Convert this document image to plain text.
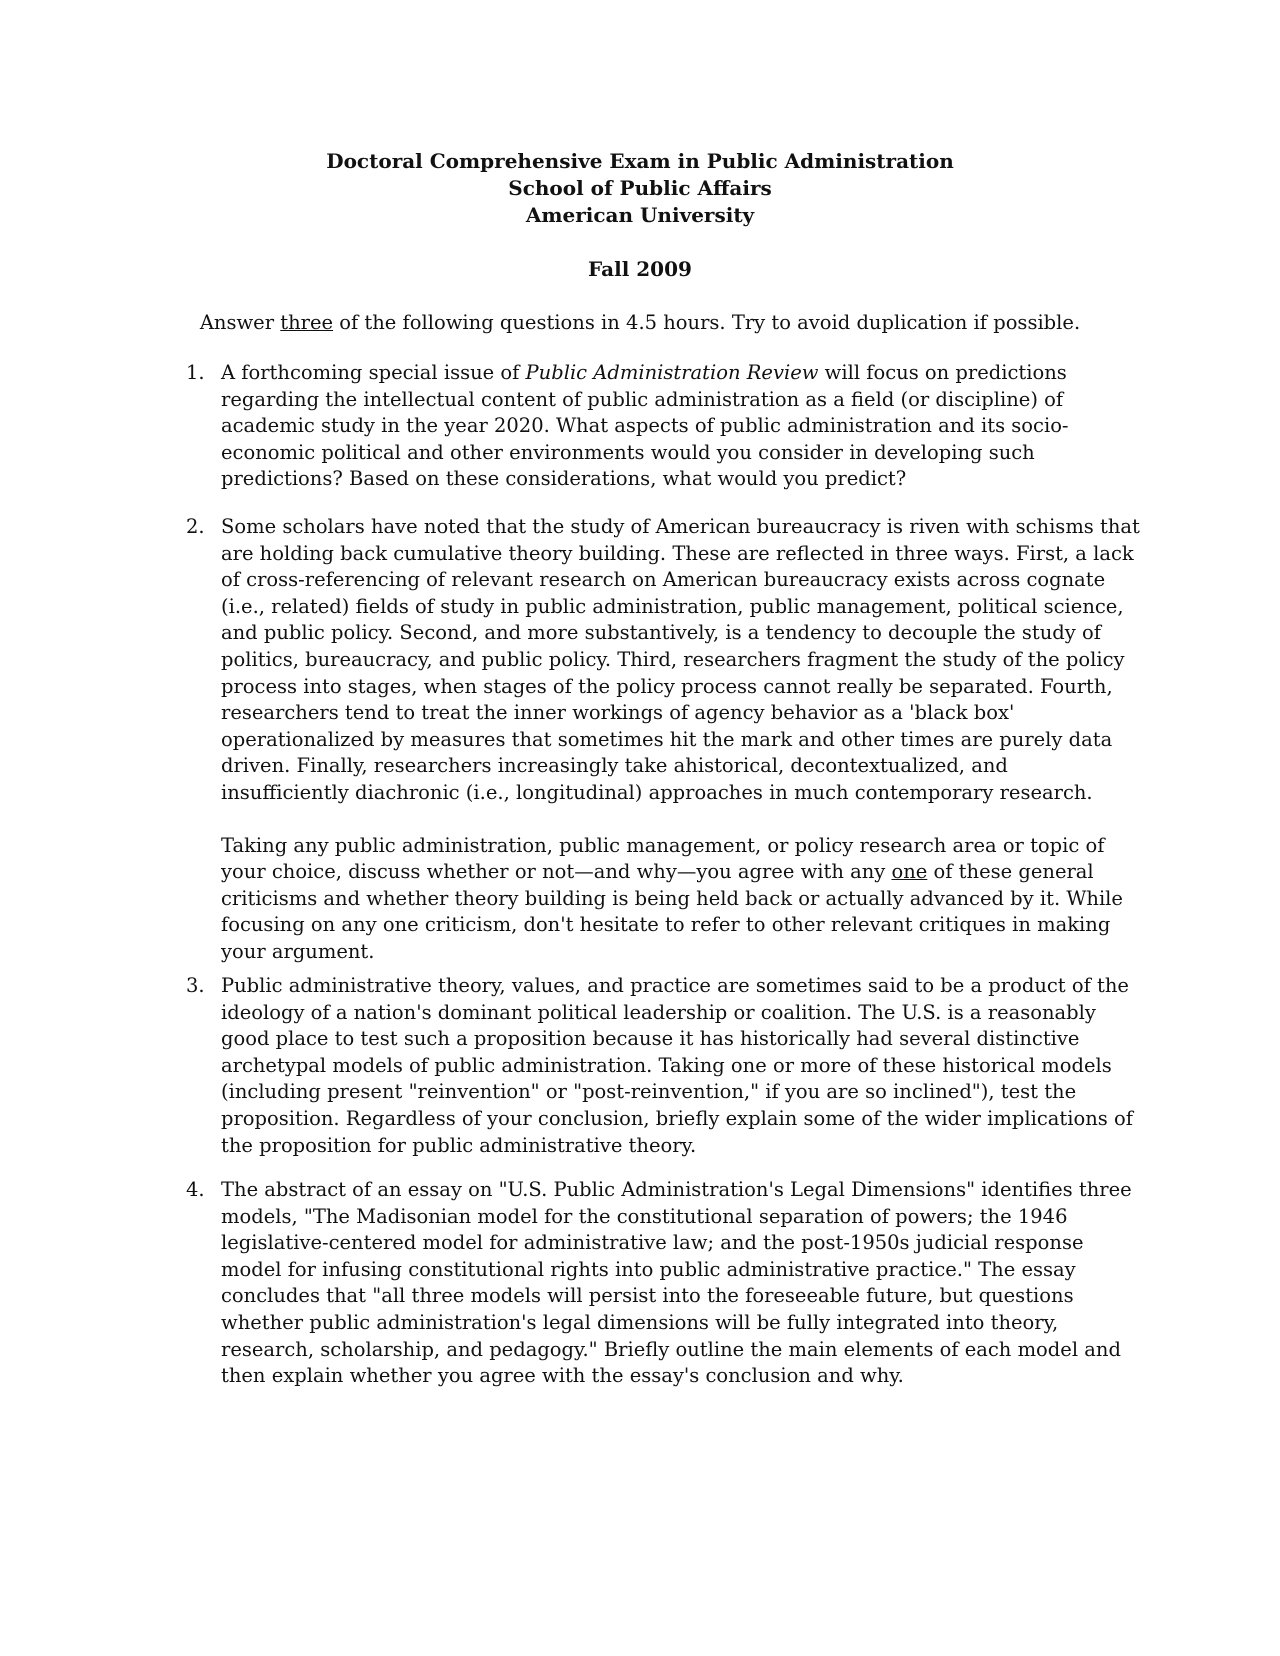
Doctoral Comprehensive Exam in Public Administration
School of Public Affairs
American University
Fall 2009
Answer three of the following questions in 4.5 hours. Try to avoid duplication if possible.
1. A forthcoming special issue of Public Administration Review will focus on predictions

regarding the intellectual content of public administration as a field (or discipline) of

academic study in the year 2020. What aspects of public administration and its socio-

economic political and other environments would you consider in developing such

predictions? Based on these considerations, what would you predict?

2. Some scholars have noted that the study of American bureaucracy is riven with schisms that

are holding back cumulative theory building. These are reflected in three ways. First, a lack

of cross-referencing of relevant research on American bureaucracy exists across cognate

(i.e., related) fields of study in public administration, public management, political science,

and public policy. Second, and more substantively, is a tendency to decouple the study of

politics, bureaucracy, and public policy. Third, researchers fragment the study of the policy

process into stages, when stages of the policy process cannot really be separated. Fourth,

researchers tend to treat the inner workings of agency behavior as a 'black box'

operationalized by measures that sometimes hit the mark and other times are purely data

driven. Finally, researchers increasingly take ahistorical, decontextualized, and

insufficiently diachronic (i.e., longitudinal) approaches in much contemporary research.

Taking any public administration, public management, or policy research area or topic of

your choice, discuss whether or not—and why—you agree with any one of these general

criticisms and whether theory building is being held back or actually advanced by it. While

focusing on any one criticism, don't hesitate to refer to other relevant critiques in making

your argument.

3. Public administrative theory, values, and practice are sometimes said to be a product of the

ideology of a nation's dominant political leadership or coalition. The U.S. is a reasonably

good place to test such a proposition because it has historically had several distinctive

archetypal models of public administration. Taking one or more of these historical models

(including present "reinvention" or "post-reinvention," if you are so inclined"), test the

proposition. Regardless of your conclusion, briefly explain some of the wider implications of

the proposition for public administrative theory.

4. The abstract of an essay on "U.S. Public Administration's Legal Dimensions" identifies three

models, "The Madisonian model for the constitutional separation of powers; the 1946

legislative-centered model for administrative law; and the post-1950s judicial response

model for infusing constitutional rights into public administrative practice." The essay

concludes that "all three models will persist into the foreseeable future, but questions

whether public administration's legal dimensions will be fully integrated into theory,

research, scholarship, and pedagogy." Briefly outline the main elements of each model and

then explain whether you agree with the essay's conclusion and why.
